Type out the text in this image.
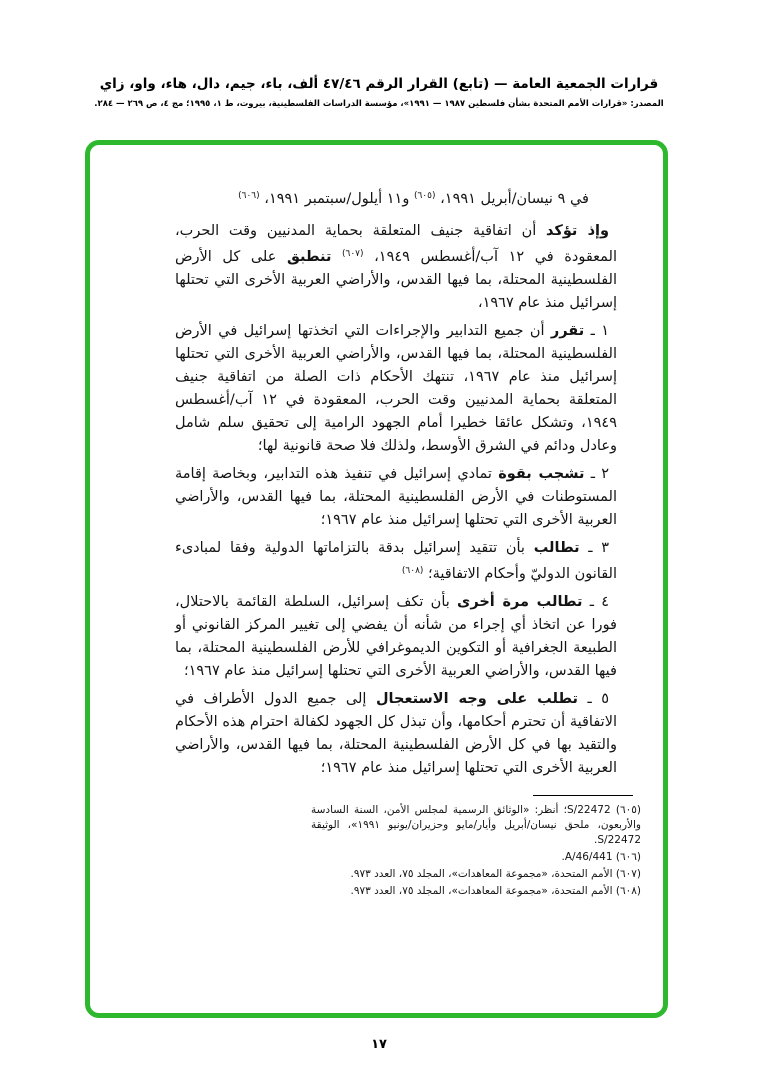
قرارات الجمعية العامة — (تابع) القرار الرقم ٤٧/٤٦ ألف، باء، جيم، دال، هاء، واو، زاي
المصدر: «قرارات الأمم المتحدة بشأن فلسطين ١٩٨٧ — ١٩٩١»، مؤسسة الدراسات الفلسطينية، بيروت، ط ١، ١٩٩٥؛ مج ٤، ص ٢٦٩ — ٢٨٤.
في ٩ نيسان/أبريل ١٩٩١، $^{(٦٠٥)}$ و١١ أيلول/سبتمبر ١٩٩١، $^{(٦٠٦)}$
وإذ تؤكد أن اتفاقية جنيف المتعلقة بحماية المدنيين وقت الحرب، المعقودة في ١٢ آب/أغسطس ١٩٤٩، $^{(٦٠٧)}$ تنطبق على كل الأرض الفلسطينية المحتلة، بما فيها القدس، والأراضي العربية الأخرى التي تحتلها إسرائيل منذ عام ١٩٦٧،
١ ـ تقرر أن جميع التدابير والإجراءات التي اتخذتها إسرائيل في الأرض الفلسطينية المحتلة، بما فيها القدس، والأراضي العربية الأخرى التي تحتلها إسرائيل منذ عام ١٩٦٧، تنتهك الأحكام ذات الصلة من اتفاقية جنيف المتعلقة بحماية المدنيين وقت الحرب، المعقودة في ١٢ آب/أغسطس ١٩٤٩، وتشكل عائقا خطيرا أمام الجهود الرامية إلى تحقيق سلم شامل وعادل ودائم في الشرق الأوسط، ولذلك فلا صحة قانونية لها؛
٢ ـ تشجب بقوة تمادي إسرائيل في تنفيذ هذه التدابير، وبخاصة إقامة المستوطنات في الأرض الفلسطينية المحتلة، بما فيها القدس، والأراضي العربية الأخرى التي تحتلها إسرائيل منذ عام ١٩٦٧؛
٣ ـ تطالب بأن تتقيد إسرائيل بدقة بالتزاماتها الدولية وفقا لمبادىء القانون الدوليّ وأحكام الاتفاقية؛ $^{(٦٠٨)}$
٤ ـ تطالب مرة أخرى بأن تكف إسرائيل، السلطة القائمة بالاحتلال، فورا عن اتخاذ أي إجراء من شأنه أن يفضي إلى تغيير المركز القانوني أو الطبيعة الجغرافية أو التكوين الديموغرافي للأرض الفلسطينية المحتلة، بما فيها القدس، والأراضي العربية الأخرى التي تحتلها إسرائيل منذ عام ١٩٦٧؛
٥ ـ تطلب على وجه الاستعجال إلى جميع الدول الأطراف في الاتفاقية أن تحترم أحكامها، وأن تبذل كل الجهود لكفالة احترام هذه الأحكام والتقيد بها في كل الأرض الفلسطينية المحتلة، بما فيها القدس، والأراضي العربية الأخرى التي تحتلها إسرائيل منذ عام ١٩٦٧؛
(٦٠٥) S/22472؛ أنظر: «الوثائق الرسمية لمجلس الأمن، السنة السادسة والأربعون، ملحق نيسان/أبريل وأيار/مايو وحزيران/يونيو ١٩٩١»، الوثيقة S/22472.
(٦٠٦) A/46/441.
(٦٠٧) الأمم المتحدة، «مجموعة المعاهدات»، المجلد ٧٥، العدد ٩٧٣.
(٦٠٨) الأمم المتحدة، «مجموعة المعاهدات»، المجلد ٧٥، العدد ٩٧٣.
١٧
